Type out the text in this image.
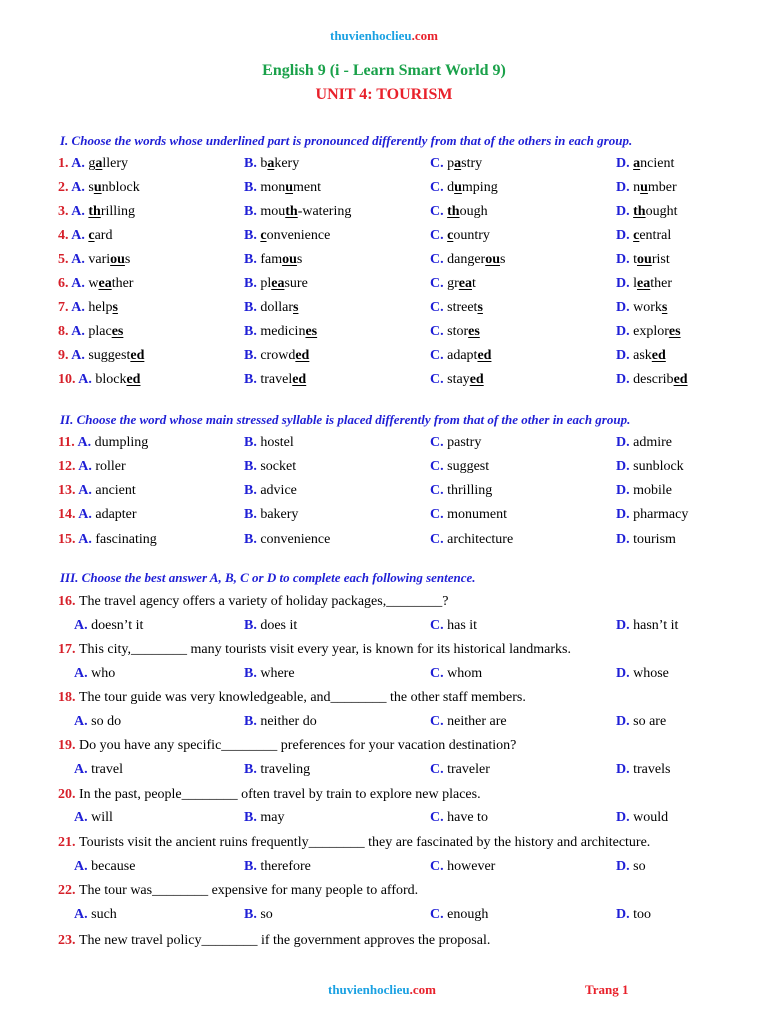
thuvienhoclieu.com
English 9 (i - Learn Smart World 9)
UNIT 4: TOURISM
I. Choose the words whose underlined part is pronounced differently from that of the others in each group.
1. A. gallery	B. bakery	C. pastry	D. ancient
2. A. sunblock	B. monument	C. dumping	D. number
3. A. thrilling	B. mouth-watering	C. though	D. thought
4. A. card	B. convenience	C. country	D. central
5. A. various	B. famous	C. dangerous	D. tourist
6. A. weather	B. pleasure	C. great	D. leather
7. A. helps	B. dollars	C. streets	D. works
8. A. places	B. medicines	C. stores	D. explores
9. A. suggested	B. crowded	C. adapted	D. asked
10. A. blocked	B. traveled	C. stayed	D. described
II. Choose the word whose main stressed syllable is placed differently from that of the other in each group.
11. A. dumpling	B. hostel	C. pastry	D. admire
12. A. roller	B. socket	C. suggest	D. sunblock
13. A. ancient	B. advice	C. thrilling	D. mobile
14. A. adapter	B. bakery	C. monument	D. pharmacy
15. A. fascinating	B. convenience	C. architecture	D. tourism
III. Choose the best answer A, B, C or D to complete each following sentence.
16. The travel agency offers a variety of holiday packages,________?
A. doesn’t it	B. does it	C. has it	D. hasn’t it
17. This city,________ many tourists visit every year, is known for its historical landmarks.
A. who	B. where	C. whom	D. whose
18. The tour guide was very knowledgeable, and________ the other staff members.
A. so do	B. neither do	C. neither are	D. so are
19. Do you have any specific________ preferences for your vacation destination?
A. travel	B. traveling	C. traveler	D. travels
20. In the past, people________ often travel by train to explore new places.
A. will	B. may	C. have to	D. would
21. Tourists visit the ancient ruins frequently________ they are fascinated by the history and architecture.
A. because	B. therefore	C. however	D. so
22. The tour was________ expensive for many people to afford.
A. such	B. so	C. enough	D. too
23. The new travel policy________ if the government approves the proposal.
thuvienhoclieu.com	Trang 1
